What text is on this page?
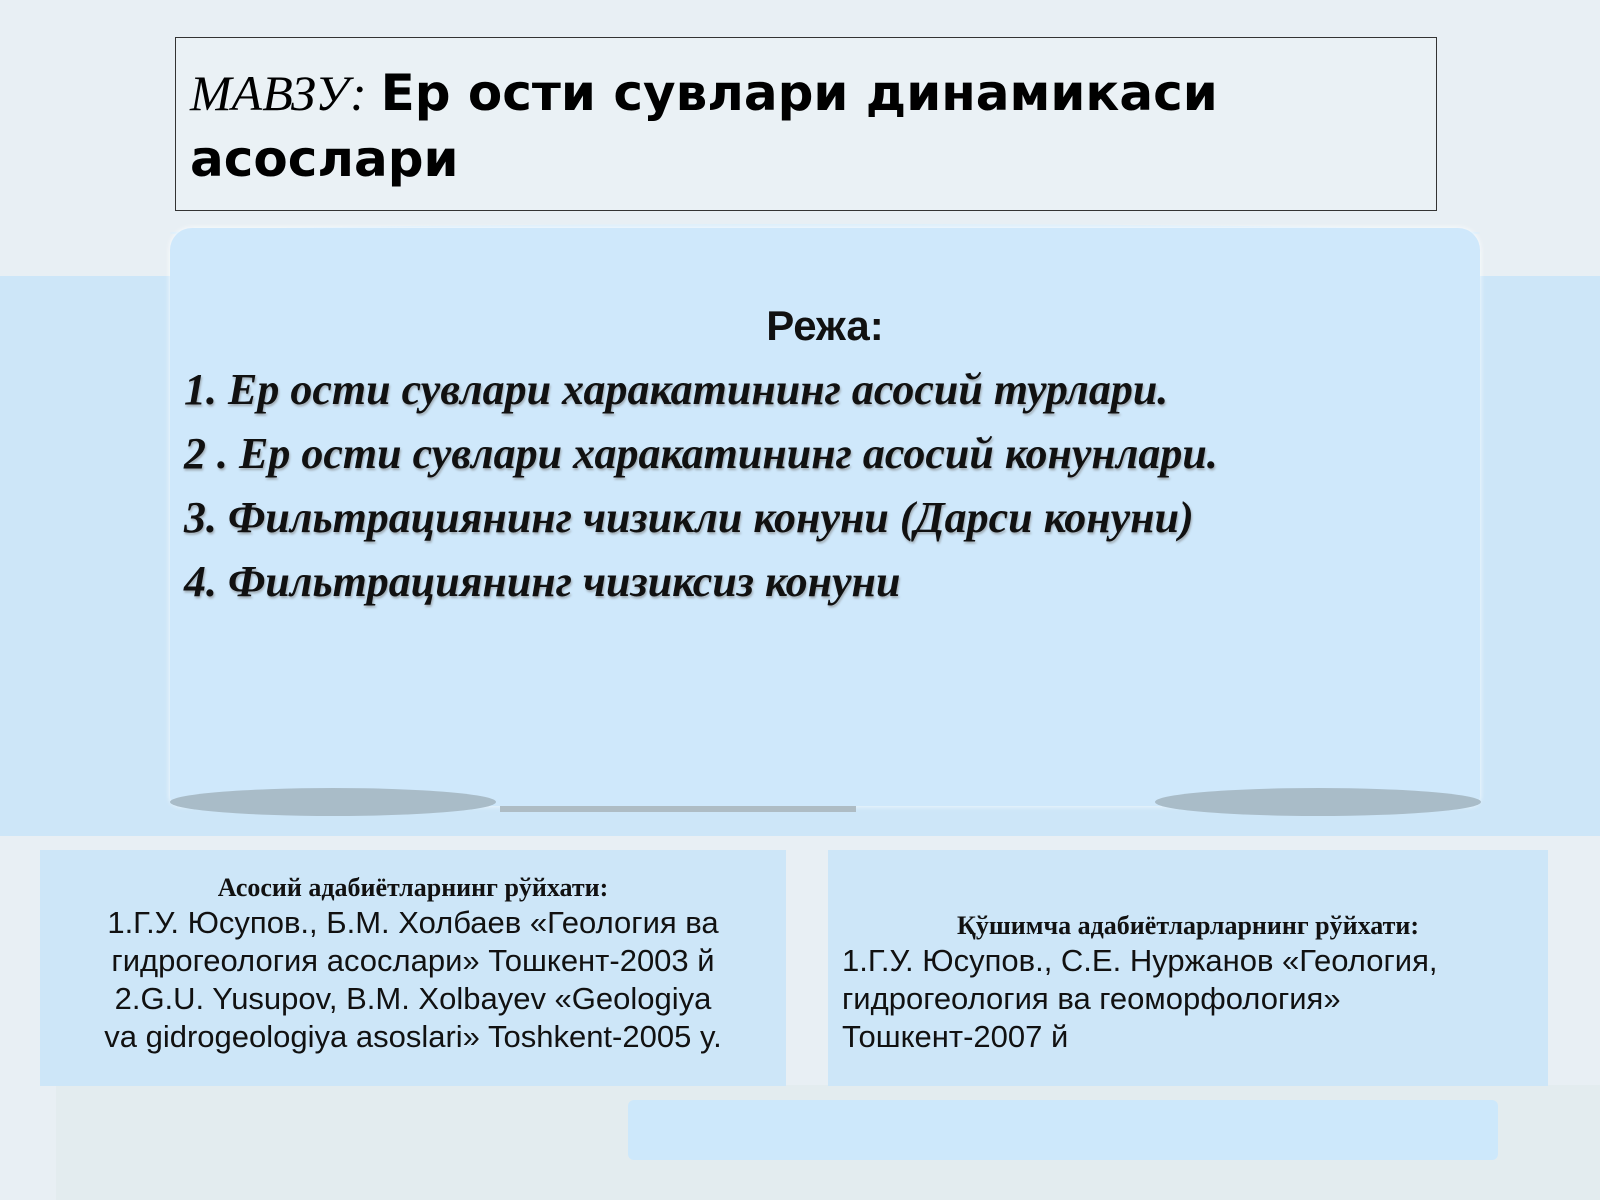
МАВЗУ: Ер ости сувлари динамикаси
асослари
Режа:
1. Ер ости сувлари харакатининг асосий турлари.
2 . Ер ости сувлари харакатининг асосий конунлари.
3. Фильтрациянинг чизикли конуни (Дарси конуни)
4. Фильтрациянинг чизиксиз конуни
Асосий адабиётларнинг рўйхати:
1.Г.У. Юсупов., Б.М. Холбаев «Геология ва
гидрогеология асослари» Тошкент-2003 й
2.G.U. Yusupov, B.M. Xolbayev «Geologiya
va gidrogeologiya asoslari» Toshkent-2005 y.
Қўшимча адабиётларларнинг рўйхати:
1.Г.У. Юсупов., С.Е. Нуржанов «Геология,
гидрогеология ва геоморфология»
Тошкент-2007 й
